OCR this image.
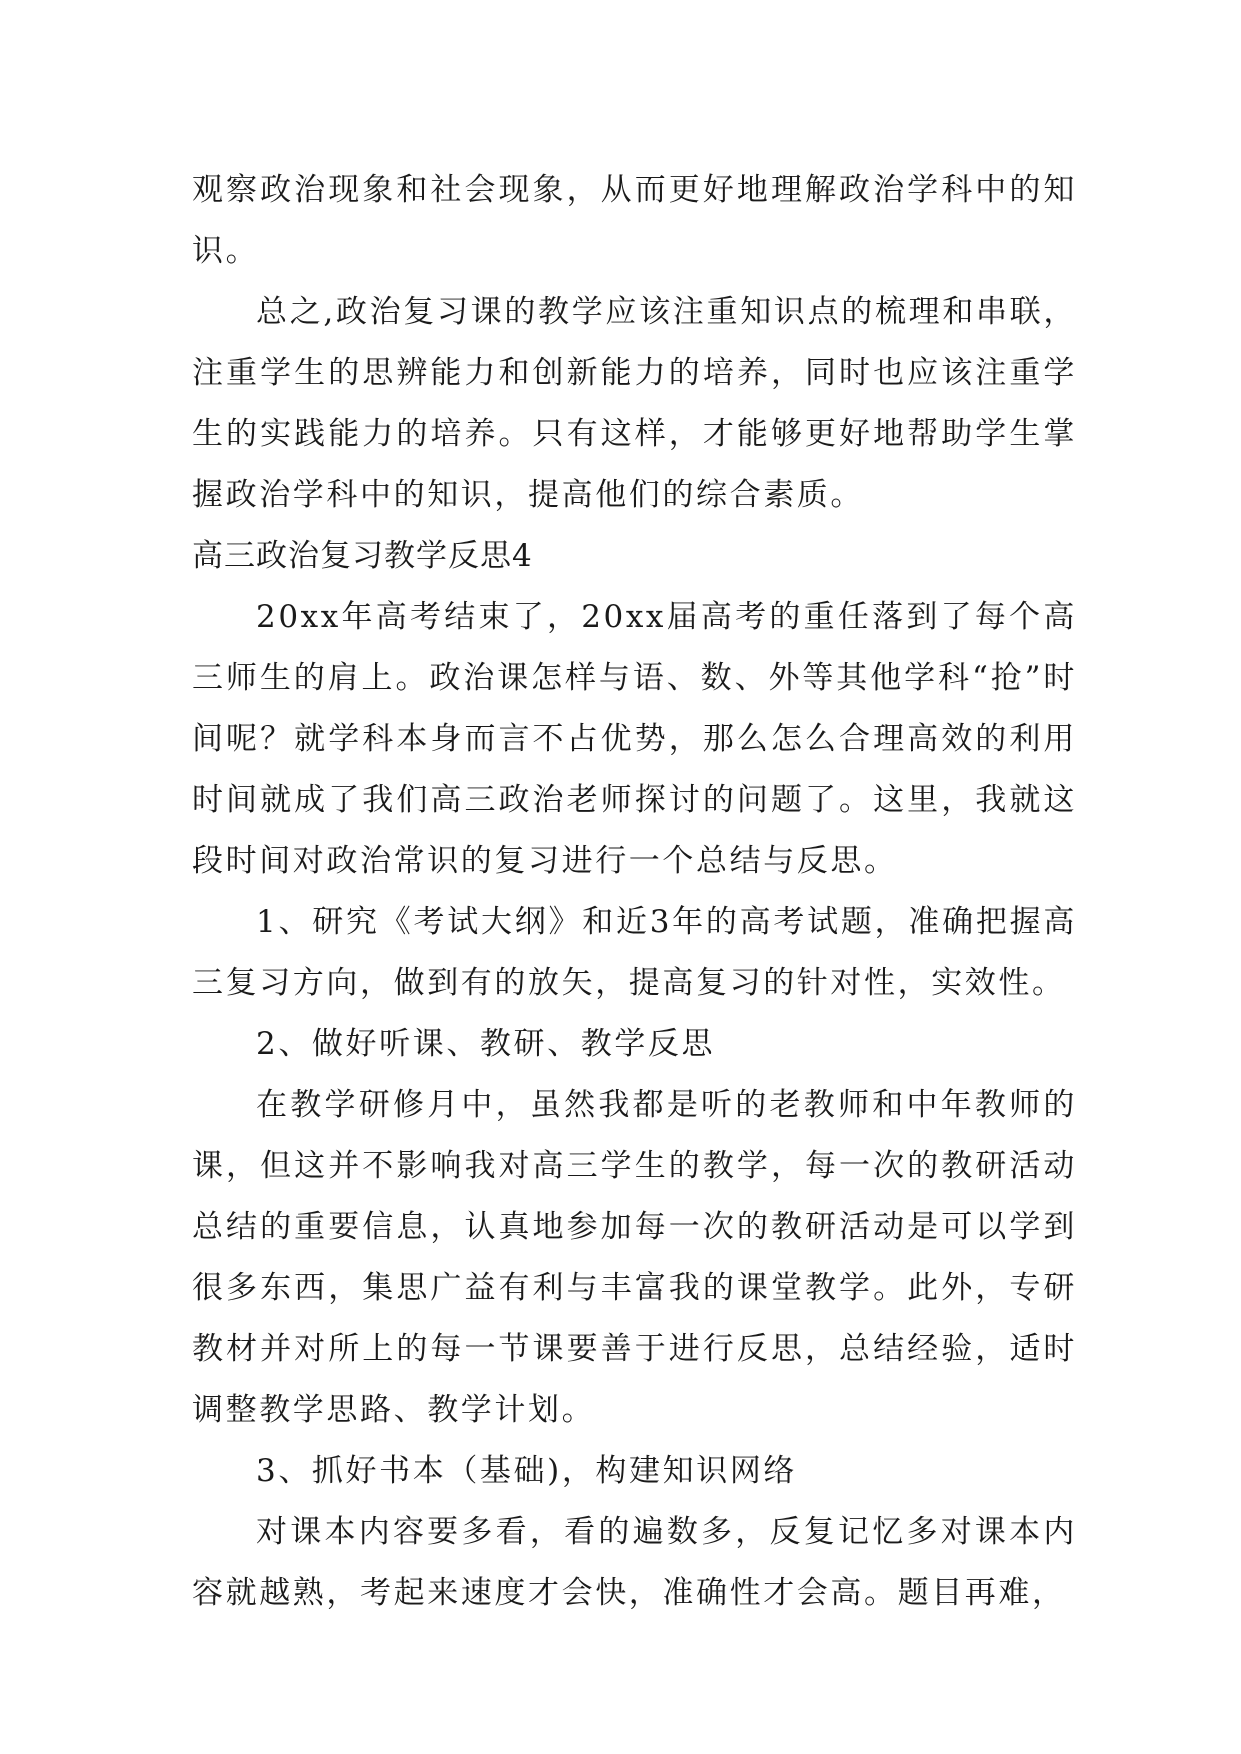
观察政治现象和社会现象，从而更好地理解政治学科中的知识。

总之,政治复习课的教学应该注重知识点的梳理和串联，注重学生的思辨能力和创新能力的培养，同时也应该注重学生的实践能力的培养。只有这样，才能够更好地帮助学生掌握政治学科中的知识，提高他们的综合素质。

高三政治复习教学反思4

20xx年高考结束了，20xx届高考的重任落到了每个高三师生的肩上。政治课怎样与语、数、外等其他学科“抢”时间呢？就学科本身而言不占优势，那么怎么合理高效的利用时间就成了我们高三政治老师探讨的问题了。这里，我就这段时间对政治常识的复习进行一个总结与反思。

1、研究《考试大纲》和近3年的高考试题，准确把握高三复习方向，做到有的放矢，提高复习的针对性，实效性。

2、做好听课、教研、教学反思

在教学研修月中，虽然我都是听的老教师和中年教师的课，但这并不影响我对高三学生的教学，每一次的教研活动总结的重要信息，认真地参加每一次的教研活动是可以学到很多东西，集思广益有利与丰富我的课堂教学。此外，专研教材并对所上的每一节课要善于进行反思，总结经验，适时调整教学思路、教学计划。

3、抓好书本（基础)，构建知识网络

对课本内容要多看，看的遍数多，反复记忆多对课本内容就越熟，考起来速度才会快，准确性才会高。题目再难，
